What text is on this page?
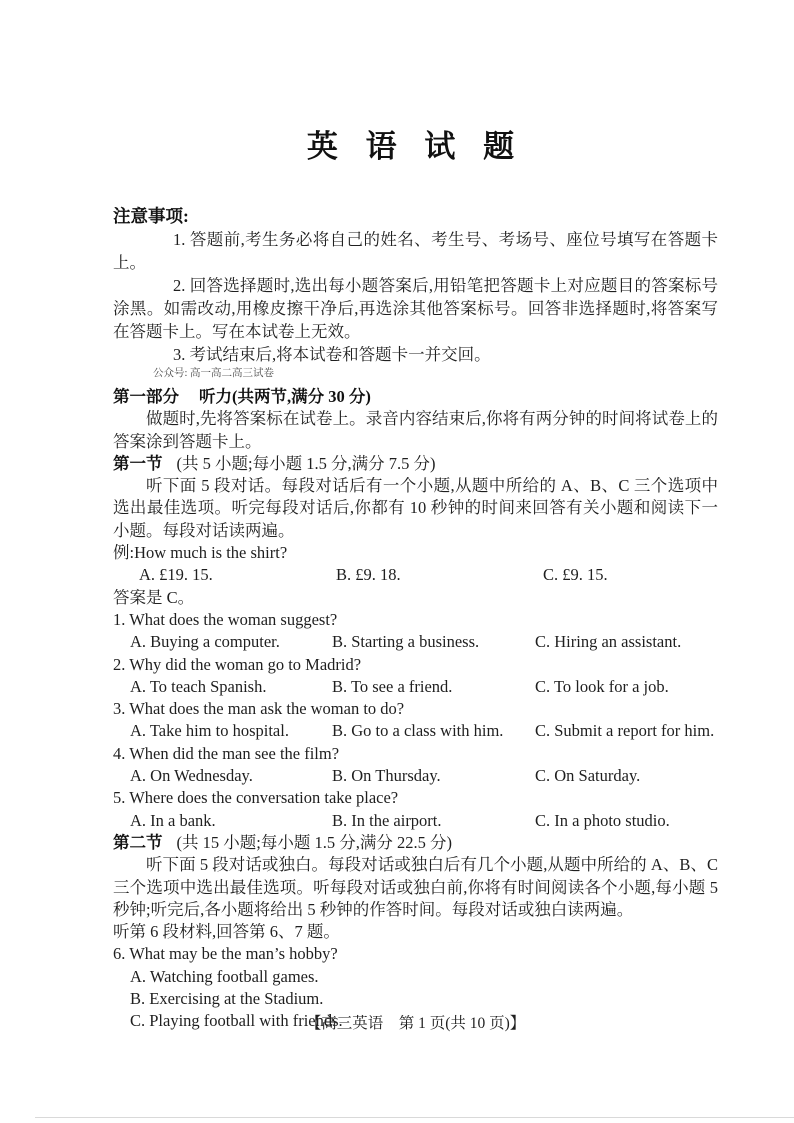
英 语 试 题
注意事项:

1. 答题前,考生务必将自己的姓名、考生号、考场号、座位号填写在答题卡上。

2. 回答选择题时,选出每小题答案后,用铅笔把答题卡上对应题目的答案标号涂黑。如需改动,用橡皮擦干净后,再选涂其他答案标号。回答非选择题时,将答案写在答题卡上。写在本试卷上无效。

3. 考试结束后,将本试卷和答题卡一并交回。

公众号: 高一高二高三试卷
第一部分 听力(共两节,满分 30 分)

做题时,先将答案标在试卷上。录音内容结束后,你将有两分钟的时间将试卷上的答案涂到答题卡上。

第一节 (共 5 小题;每小题 1.5 分,满分 7.5 分)

听下面 5 段对话。每段对话后有一个小题,从题中所给的 A、B、C 三个选项中选出最佳选项。听完每段对话后,你都有 10 秒钟的时间来回答有关小题和阅读下一小题。每段对话读两遍。

例:How much is the shirt?

A. £19. 15.	B. £9. 18.	C. £9. 15.

答案是 C。

1. What does the woman suggest?

A. Buying a computer.	B. Starting a business.	C. Hiring an assistant.

2. Why did the woman go to Madrid?

A. To teach Spanish.	B. To see a friend.	C. To look for a job.

3. What does the man ask the woman to do?

A. Take him to hospital.	B. Go to a class with him.	C. Submit a report for him.

4. When did the man see the film?

A. On Wednesday.	B. On Thursday.	C. On Saturday.

5. Where does the conversation take place?

A. In a bank.	B. In the airport.	C. In a photo studio.

第二节 (共 15 小题;每小题 1.5 分,满分 22.5 分)

听下面 5 段对话或独白。每段对话或独白后有几个小题,从题中所给的 A、B、C 三个选项中选出最佳选项。听每段对话或独白前,你将有时间阅读各个小题,每小题 5 秒钟;听完后,各小题将给出 5 秒钟的作答时间。每段对话或独白读两遍。

听第 6 段材料,回答第 6、7 题。

6. What may be the man’s hobby?

A. Watching football games.

B. Exercising at the Stadium.

C. Playing football with friends.

【高三英语　第 1 页(共 10 页)】
